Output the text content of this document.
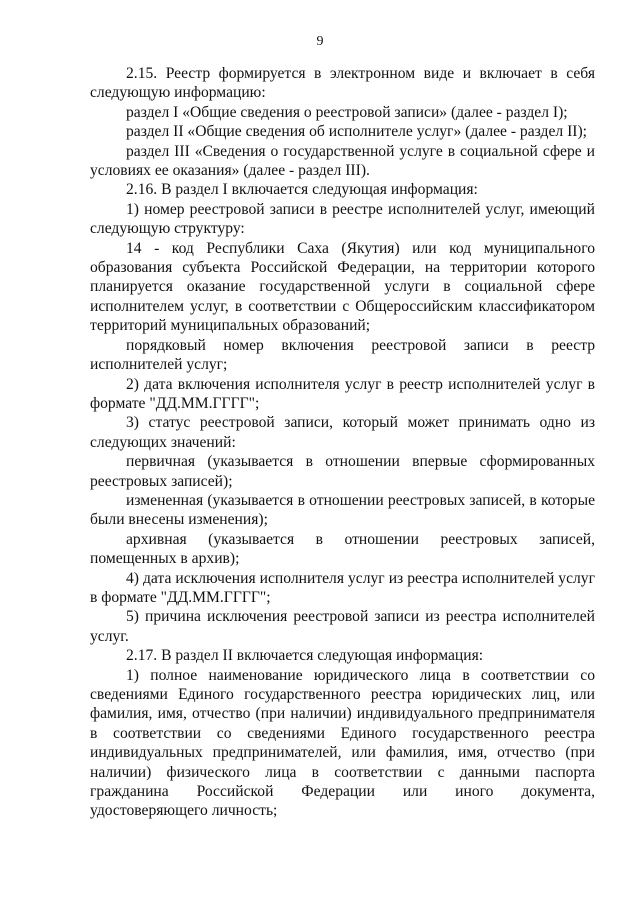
9

2.15. Реестр формируется в электронном виде и включает в себя следующую информацию:

раздел I «Общие сведения о реестровой записи» (далее - раздел I);

раздел II «Общие сведения об исполнителе услуг» (далее - раздел II);

раздел III «Сведения о государственной услуге в социальной сфере и условиях ее оказания» (далее - раздел III).

2.16. В раздел I включается следующая информация:

1) номер реестровой записи в реестре исполнителей услуг, имеющий следующую структуру:

14 - код Республики Саха (Якутия) или код муниципального образования субъекта Российской Федерации, на территории которого планируется оказание государственной услуги в социальной сфере исполнителем услуг, в соответствии с Общероссийским классификатором территорий муниципальных образований;

порядковый номер включения реестровой записи в реестр исполнителей услуг;

2) дата включения исполнителя услуг в реестр исполнителей услуг в формате "ДД.ММ.ГГГГ";

3) статус реестровой записи, который может принимать одно из следующих значений:

первичная (указывается в отношении впервые сформированных реестровых записей);

измененная (указывается в отношении реестровых записей, в которые были внесены изменения);

архивная (указывается в отношении реестровых записей, помещенных в архив);

4) дата исключения исполнителя услуг из реестра исполнителей услуг в формате "ДД.ММ.ГГГГ";

5) причина исключения реестровой записи из реестра исполнителей услуг.

2.17. В раздел II включается следующая информация:

1) полное наименование юридического лица в соответствии со сведениями Единого государственного реестра юридических лиц, или фамилия, имя, отчество (при наличии) индивидуального предпринимателя в соответствии со сведениями Единого государственного реестра индивидуальных предпринимателей, или фамилия, имя, отчество (при наличии) физического лица в соответствии с данными паспорта гражданина Российской Федерации или иного документа, удостоверяющего личность;
